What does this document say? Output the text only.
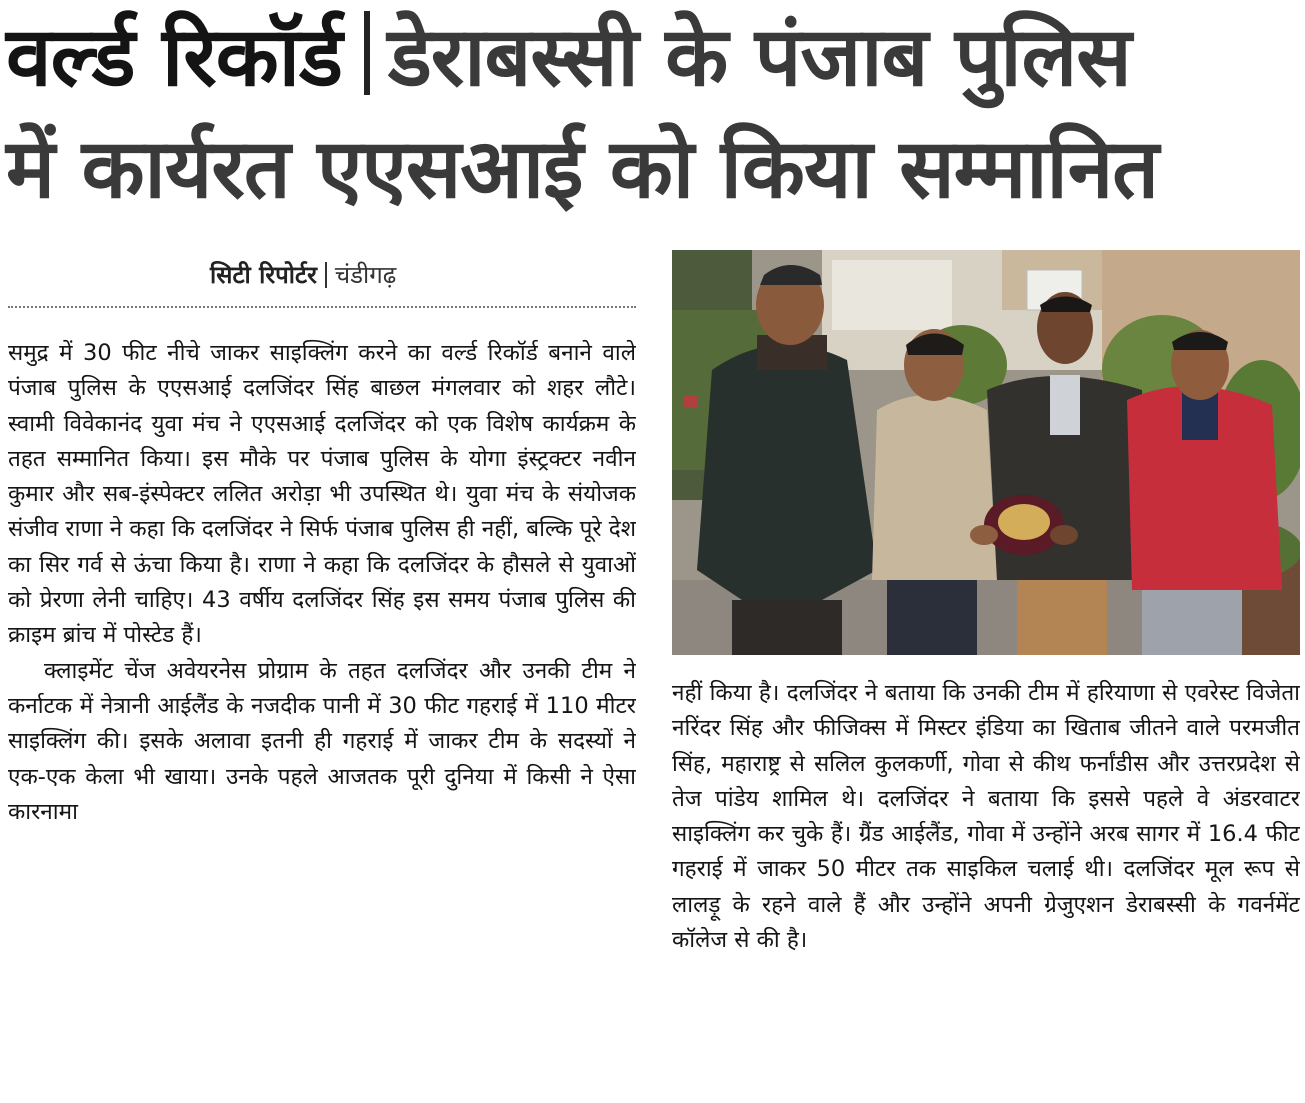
वर्ल्ड रिकॉर्ड डेराबस्सी के पंजाब पुलिस
में कार्यरत एएसआई को किया सम्मानित
सिटी रिपोर्टर चंडीगढ़

समुद्र में 30 फीट नीचे जाकर साइक्लिंग करने का वर्ल्ड रिकॉर्ड बनाने वाले पंजाब पुलिस के एएसआई दलजिंदर सिंह बाछल मंगलवार को शहर लौटे। स्वामी विवेकानंद युवा मंच ने एएसआई दलजिंदर को एक विशेष कार्यक्रम के तहत सम्मानित किया। इस मौके पर पंजाब पुलिस के योगा इंस्ट्रक्टर नवीन कुमार और सब-इंस्पेक्टर ललित अरोड़ा भी उपस्थित थे। युवा मंच के संयोजक संजीव राणा ने कहा कि दलजिंदर ने सिर्फ पंजाब पुलिस ही नहीं, बल्कि पूरे देश का सिर गर्व से ऊंचा किया है। राणा ने कहा कि दलजिंदर के हौसले से युवाओं को प्रेरणा लेनी चाहिए। 43 वर्षीय दलजिंदर सिंह इस समय पंजाब पुलिस की क्राइम ब्रांच में पोस्टेड हैं।

क्लाइमेंट चेंज अवेयरनेस प्रोग्राम के तहत दलजिंदर और उनकी टीम ने कर्नाटक में नेत्रानी आईलैंड के नजदीक पानी में 30 फीट गहराई में 110 मीटर साइक्लिंग की। इसके अलावा इतनी ही गहराई में जाकर टीम के सदस्यों ने एक-एक केला भी खाया। उनके पहले आजतक पूरी दुनिया में किसी ने ऐसा कारनामा

नहीं किया है। दलजिंदर ने बताया कि उनकी टीम में हरियाणा से एवरेस्ट विजेता नरिंदर सिंह और फीजिक्स में मिस्टर इंडिया का खिताब जीतने वाले परमजीत सिंह, महाराष्ट्र से सलिल कुलकर्णी, गोवा से कीथ फर्नांडीस और उत्तरप्रदेश से तेज पांडेय शामिल थे। दलजिंदर ने बताया कि इससे पहले वे अंडरवाटर साइक्लिंग कर चुके हैं। ग्रैंड आईलैंड, गोवा में उन्होंने अरब सागर में 16.4 फीट गहराई में जाकर 50 मीटर तक साइकिल चलाई थी। दलजिंदर मूल रूप से लालड़ू के रहने वाले हैं और उन्होंने अपनी ग्रेजुएशन डेराबस्सी के गवर्नमेंट कॉलेज से की है।
